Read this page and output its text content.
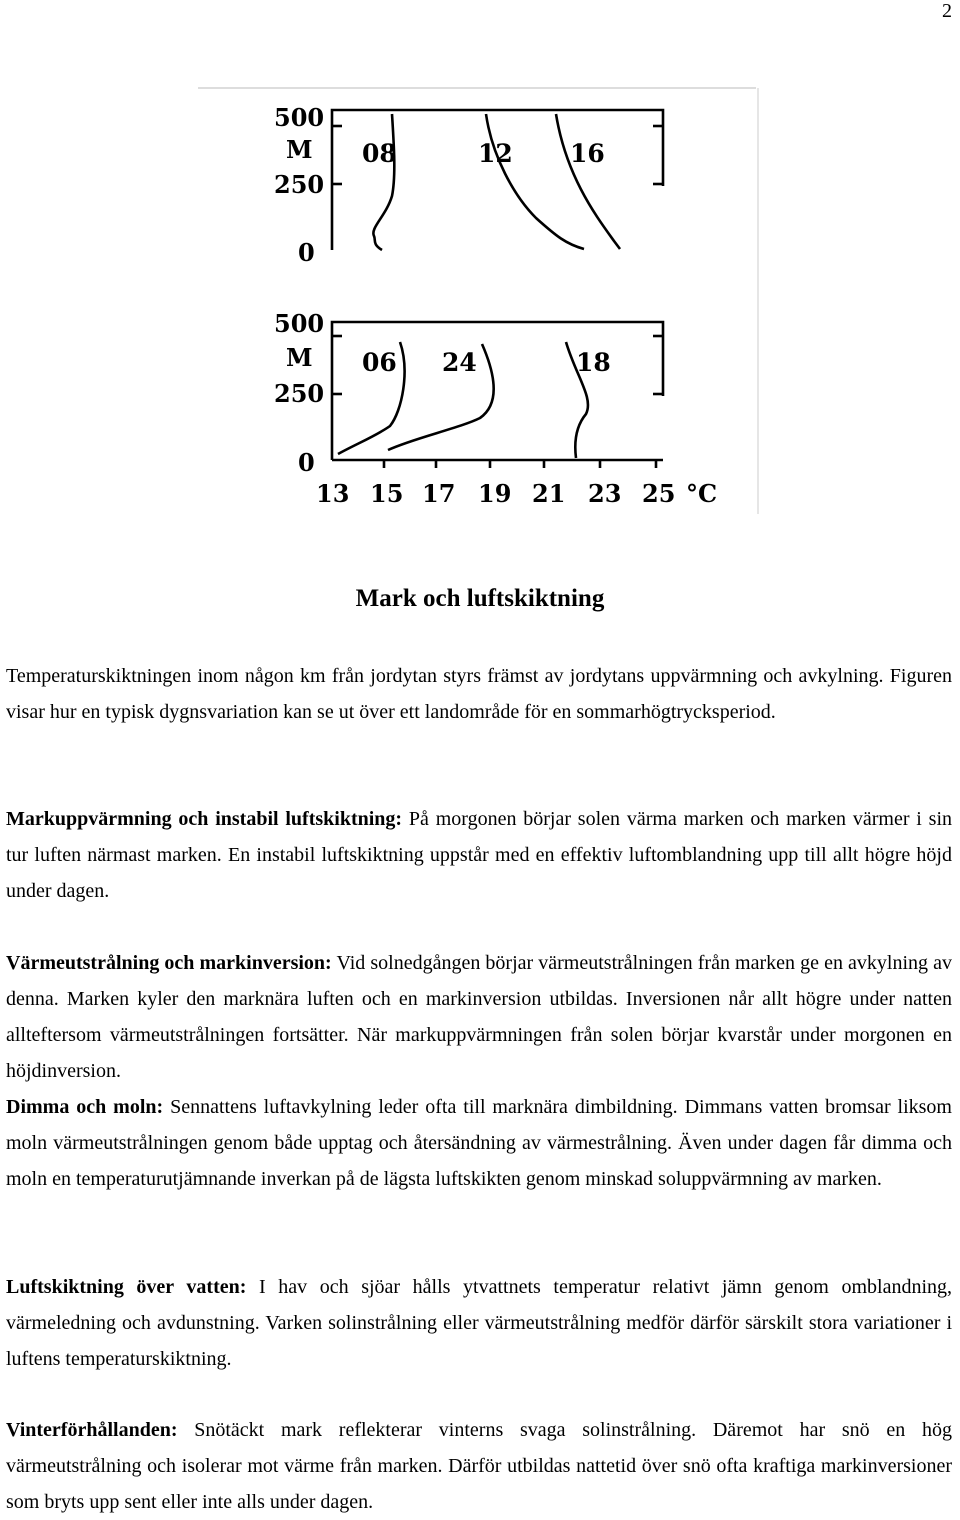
2
500
M
250
0
08	12 16
500
M
250
0
06 24	18
13 15 17 19 21 23 25 °C
Mark och luftskiktning
Temperaturskiktningen inom någon km från jordytan styrs främst av jordytans uppvärmning och avkylning. Figuren visar hur en typisk dygnsvariation kan se ut över ett landområde för en sommarhögtrycksperiod.
Markuppvärmning och instabil luftskiktning: På morgonen börjar solen värma marken och marken värmer i sin tur luften närmast marken. En instabil luftskiktning uppstår med en effektiv luftomblandning upp till allt högre höjd under dagen.
Värmeutstrålning och markinversion: Vid solnedgången börjar värmeutstrålningen från marken ge en avkylning av denna. Marken kyler den marknära luften och en markinversion utbildas. Inversionen når allt högre under natten allteftersom värmeutstrålningen fortsätter. När markuppvärmningen från solen börjar kvarstår under morgonen en höjdinversion.
Dimma och moln: Sennattens luftavkylning leder ofta till marknära dimbildning. Dimmans vatten bromsar liksom moln värmeutstrålningen genom både upptag och återsändning av värmestrålning. Även under dagen får dimma och moln en temperaturutjämnande inverkan på de lägsta luftskikten genom minskad soluppvärmning av marken.
Luftskiktning över vatten: I hav och sjöar hålls ytvattnets temperatur relativt jämn genom omblandning, värmeledning och avdunstning. Varken solinstrålning eller värmeutstrålning medför därför särskilt stora variationer i luftens temperaturskiktning.
Vinterförhållanden: Snötäckt mark reflekterar vinterns svaga solinstrålning. Däremot har snö en hög värmeutstrålning och isolerar mot värme från marken. Därför utbildas nattetid över snö ofta kraftiga markinversioner som bryts upp sent eller inte alls under dagen.
